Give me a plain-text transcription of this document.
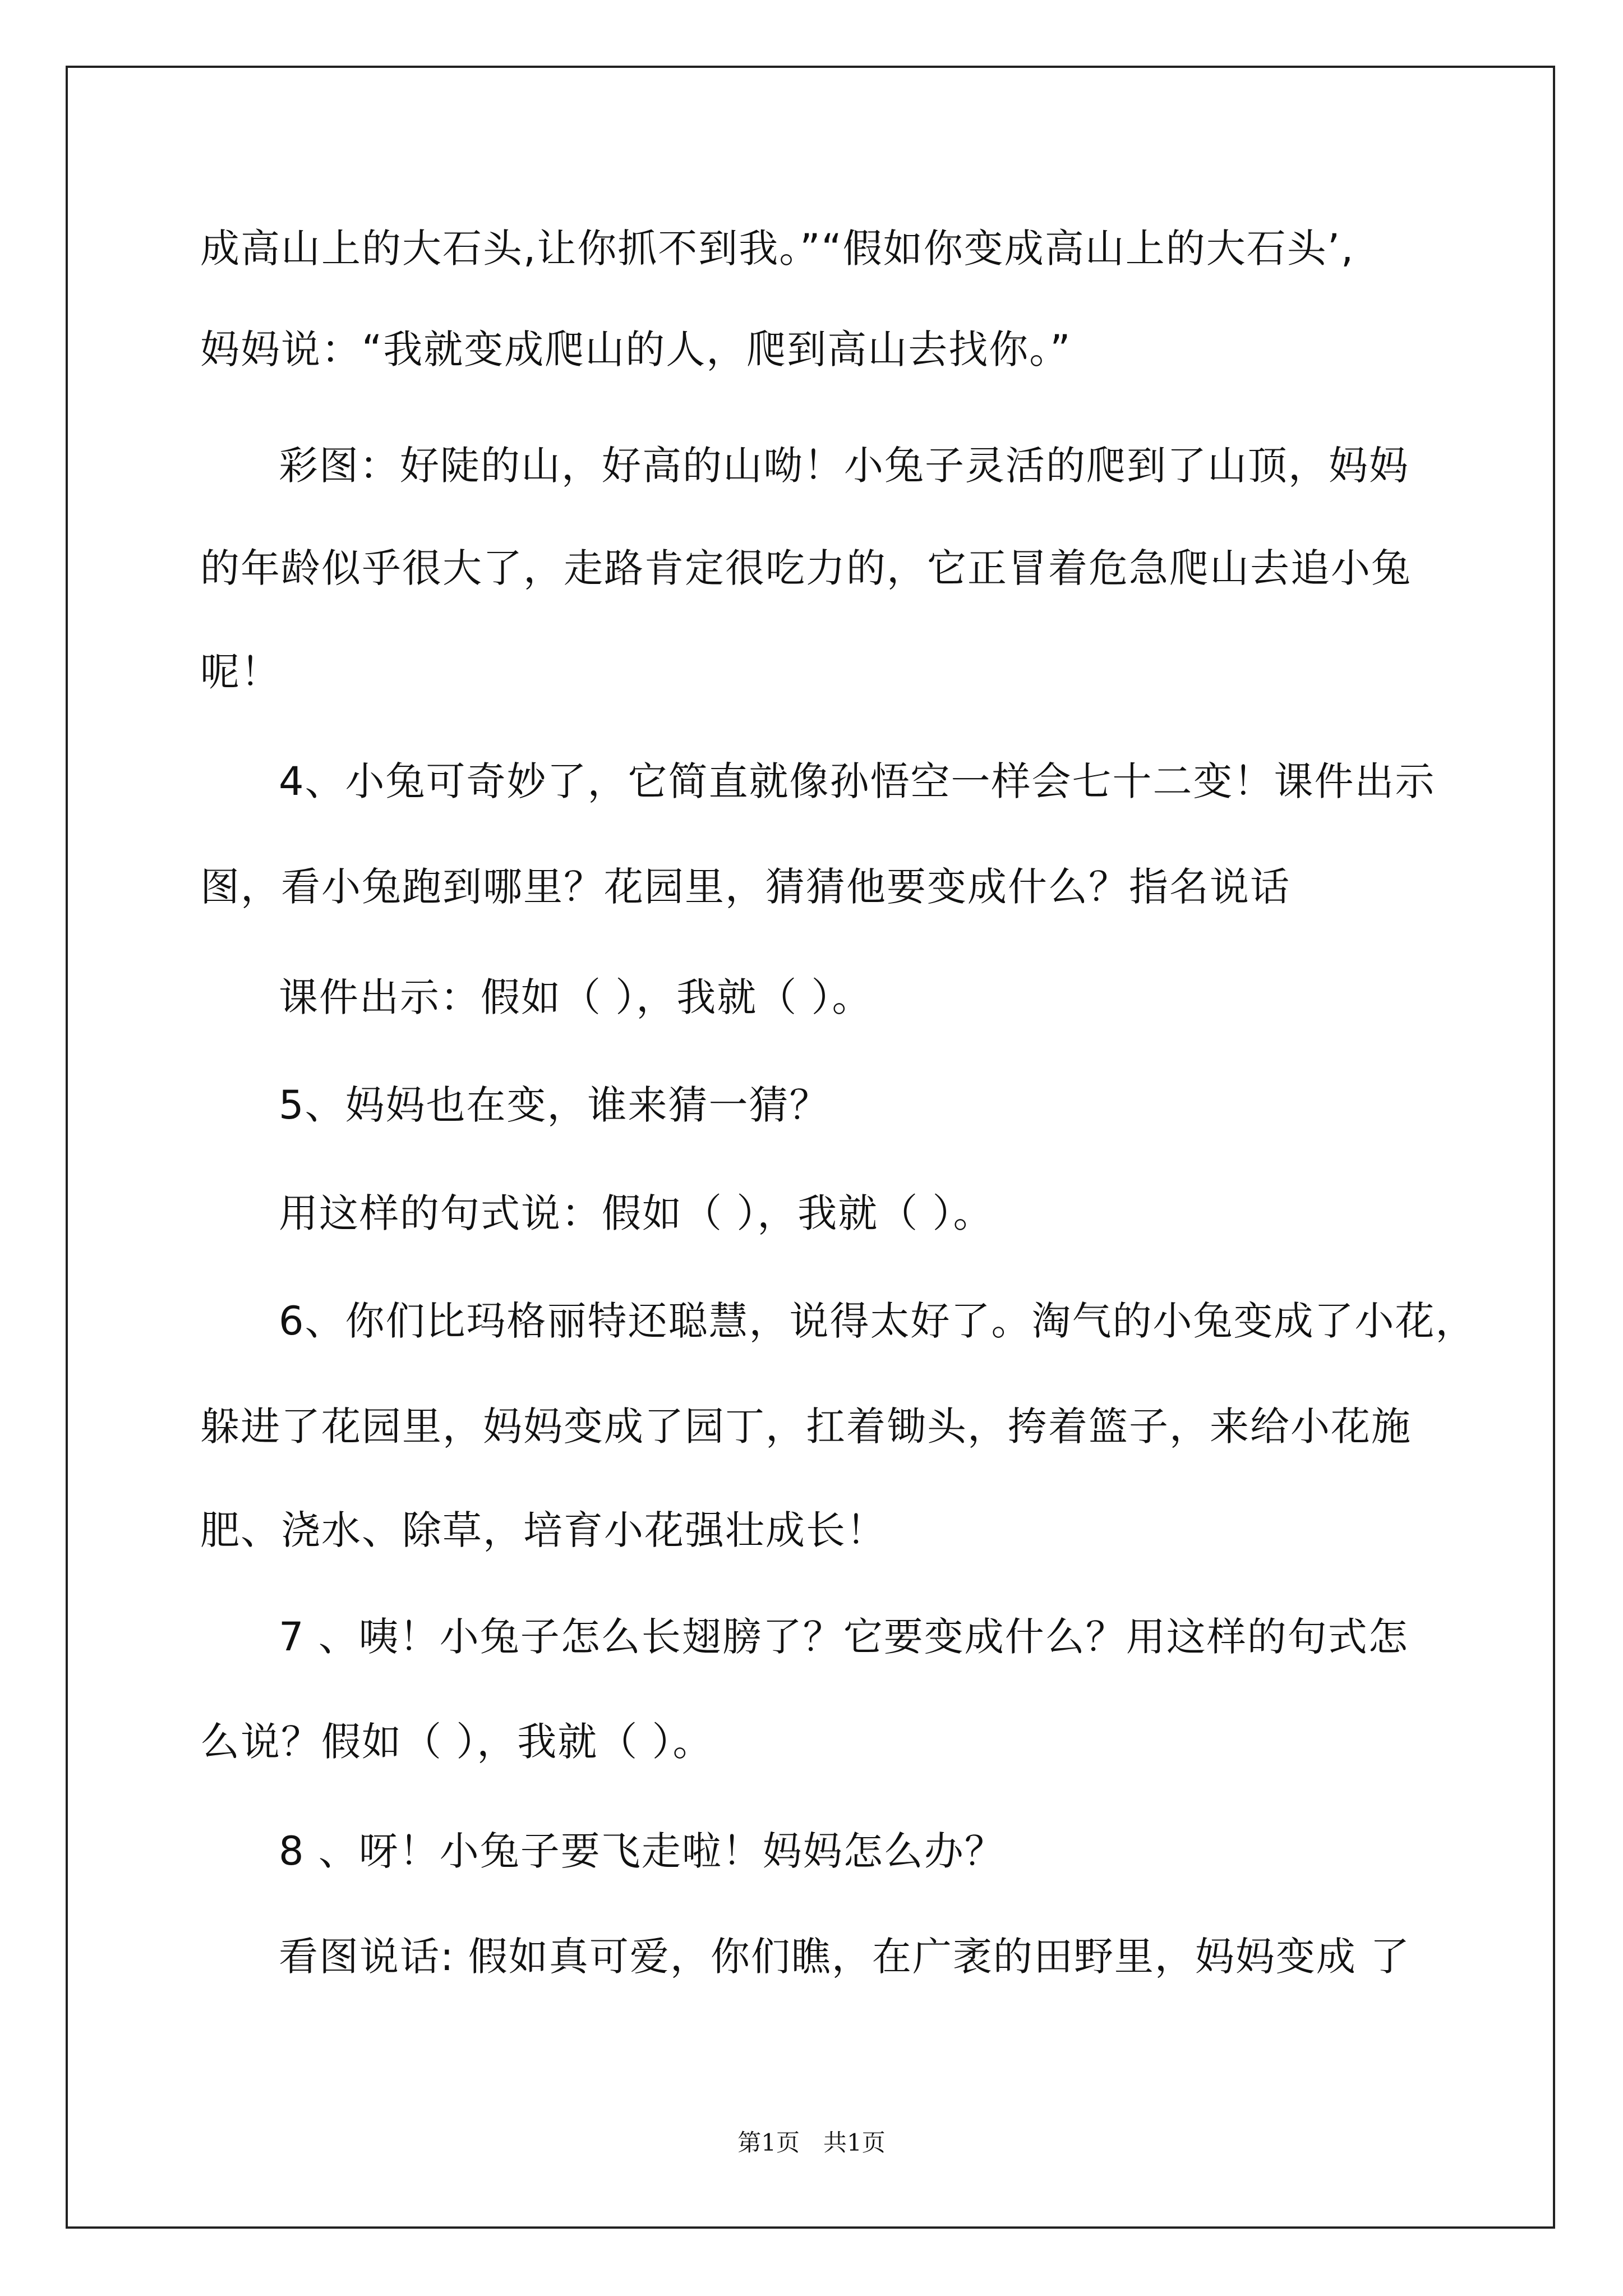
成高山上的大石头,让你抓不到我。”“假如你变成高山上的大石头’,
妈妈说：“我就变成爬山的人，爬到高山去找你。”
彩图：好陡的山，好高的山呦！小兔子灵活的爬到了山顶，妈妈
的年龄似乎很大了，走路肯定很吃力的，它正冒着危急爬山去追小兔
呢！
4、小兔可奇妙了，它简直就像孙悟空一样会七十二变！课件出示
图，看小兔跑到哪里？花园里，猜猜他要变成什么？指名说话
课件出示：假如（ ），我就（ ）。
5、妈妈也在变，谁来猜一猜？
用这样的句式说：假如（ ），我就（ ）。
6、你们比玛格丽特还聪慧，说得太好了。淘气的小兔变成了小花，
躲进了花园里，妈妈变成了园丁，扛着锄头，挎着篮子，来给小花施
肥、浇水、除草，培育小花强壮成长！
7 、咦！小兔子怎么长翅膀了？它要变成什么？用这样的句式怎
么说？假如（ ），我就（ ）。
8 、呀！小兔子要飞走啦！妈妈怎么办？
看图说话: 假如真可爱，你们瞧，在广袤的田野里，妈妈变成 了
第1页　共1页
